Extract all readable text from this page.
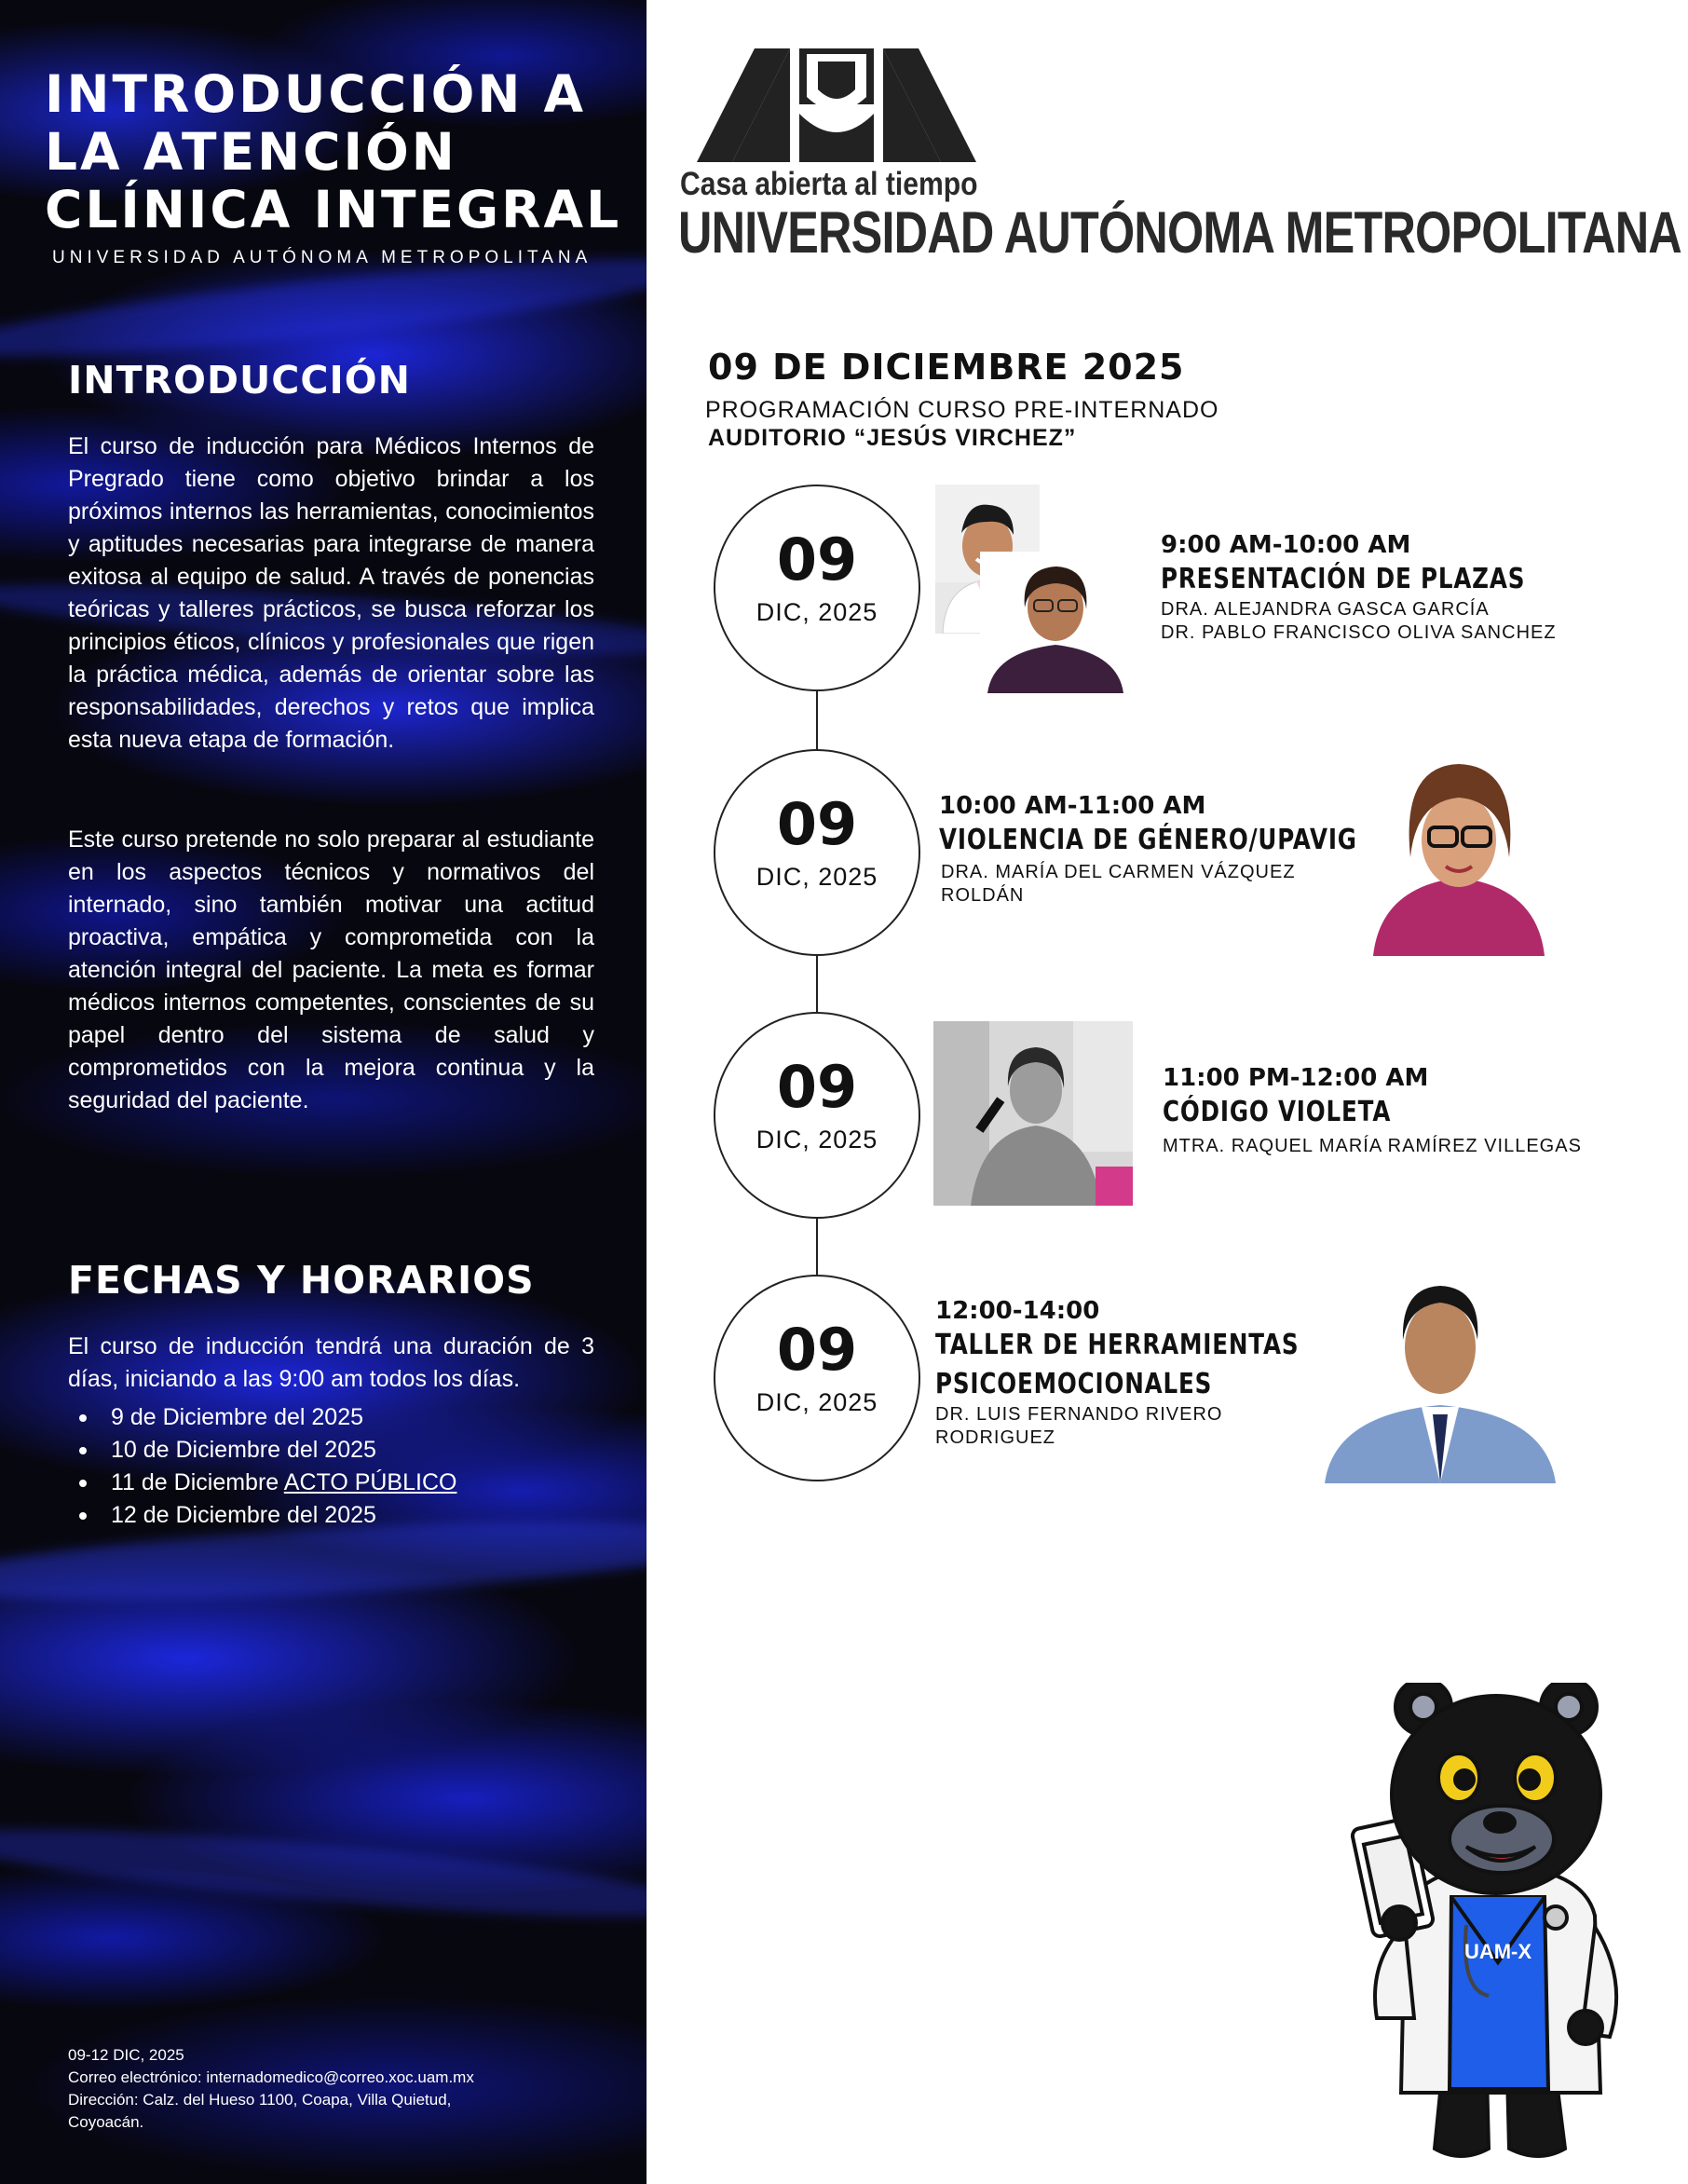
INTRODUCCIÓN A
LA ATENCIÓN
CLÍNICA INTEGRAL
UNIVERSIDAD AUTÓNOMA METROPOLITANA
INTRODUCCIÓN

El curso de inducción para Médicos Internos de Pregrado tiene como objetivo brindar a los próximos internos las herramientas, conocimientos y aptitudes necesarias para integrarse de manera exitosa al equipo de salud. A través de ponencias teóricas y talleres prácticos, se busca reforzar los principios éticos, clínicos y profesionales que rigen la práctica médica, además de orientar sobre las responsabilidades, derechos y retos que implica esta nueva etapa de formación.

Este curso pretende no solo preparar al estudiante en los aspectos técnicos y normativos del internado, sino también motivar una actitud proactiva, empática y comprometida con la atención integral del paciente. La meta es formar médicos internos competentes, conscientes de su papel dentro del sistema de salud y comprometidos con la mejora continua y la seguridad del paciente.

FECHAS Y HORARIOS

El curso de inducción tendrá una duración de 3 días, iniciando a las 9:00 am todos los días.

9 de Diciembre del 2025
10 de Diciembre del 2025
11 de Diciembre ACTO PÚBLICO
12 de Diciembre del 2025
09-12 DIC, 2025
Correo electrónico: internadomedico@correo.xoc.uam.mx
Dirección: Calz. del Hueso 1100, Coapa, Villa Quietud,
Coyoacán.
Casa abierta al tiempo
UNIVERSIDAD AUTÓNOMA METROPOLITANA
09 DE DICIEMBRE 2025
PROGRAMACIÓN CURSO PRE-INTERNADO
AUDITORIO “JESÚS VIRCHEZ”
09
DIC, 2025
9:00 AM-10:00 AM
PRESENTACIÓN DE PLAZAS
DRA. ALEJANDRA GASCA GARCÍA
DR. PABLO FRANCISCO OLIVA SANCHEZ
09
DIC, 2025
10:00 AM-11:00 AM
VIOLENCIA DE GÉNERO/UPAVIG
DRA. MARÍA DEL CARMEN VÁZQUEZ
ROLDÁN
09
DIC, 2025
11:00 PM-12:00 AM
CÓDIGO VIOLETA
MTRA. RAQUEL MARÍA RAMÍREZ VILLEGAS
09
DIC, 2025
12:00-14:00
TALLER DE HERRAMIENTAS
PSICOEMOCIONALES
DR. LUIS FERNANDO RIVERO
RODRIGUEZ
UAM-X
